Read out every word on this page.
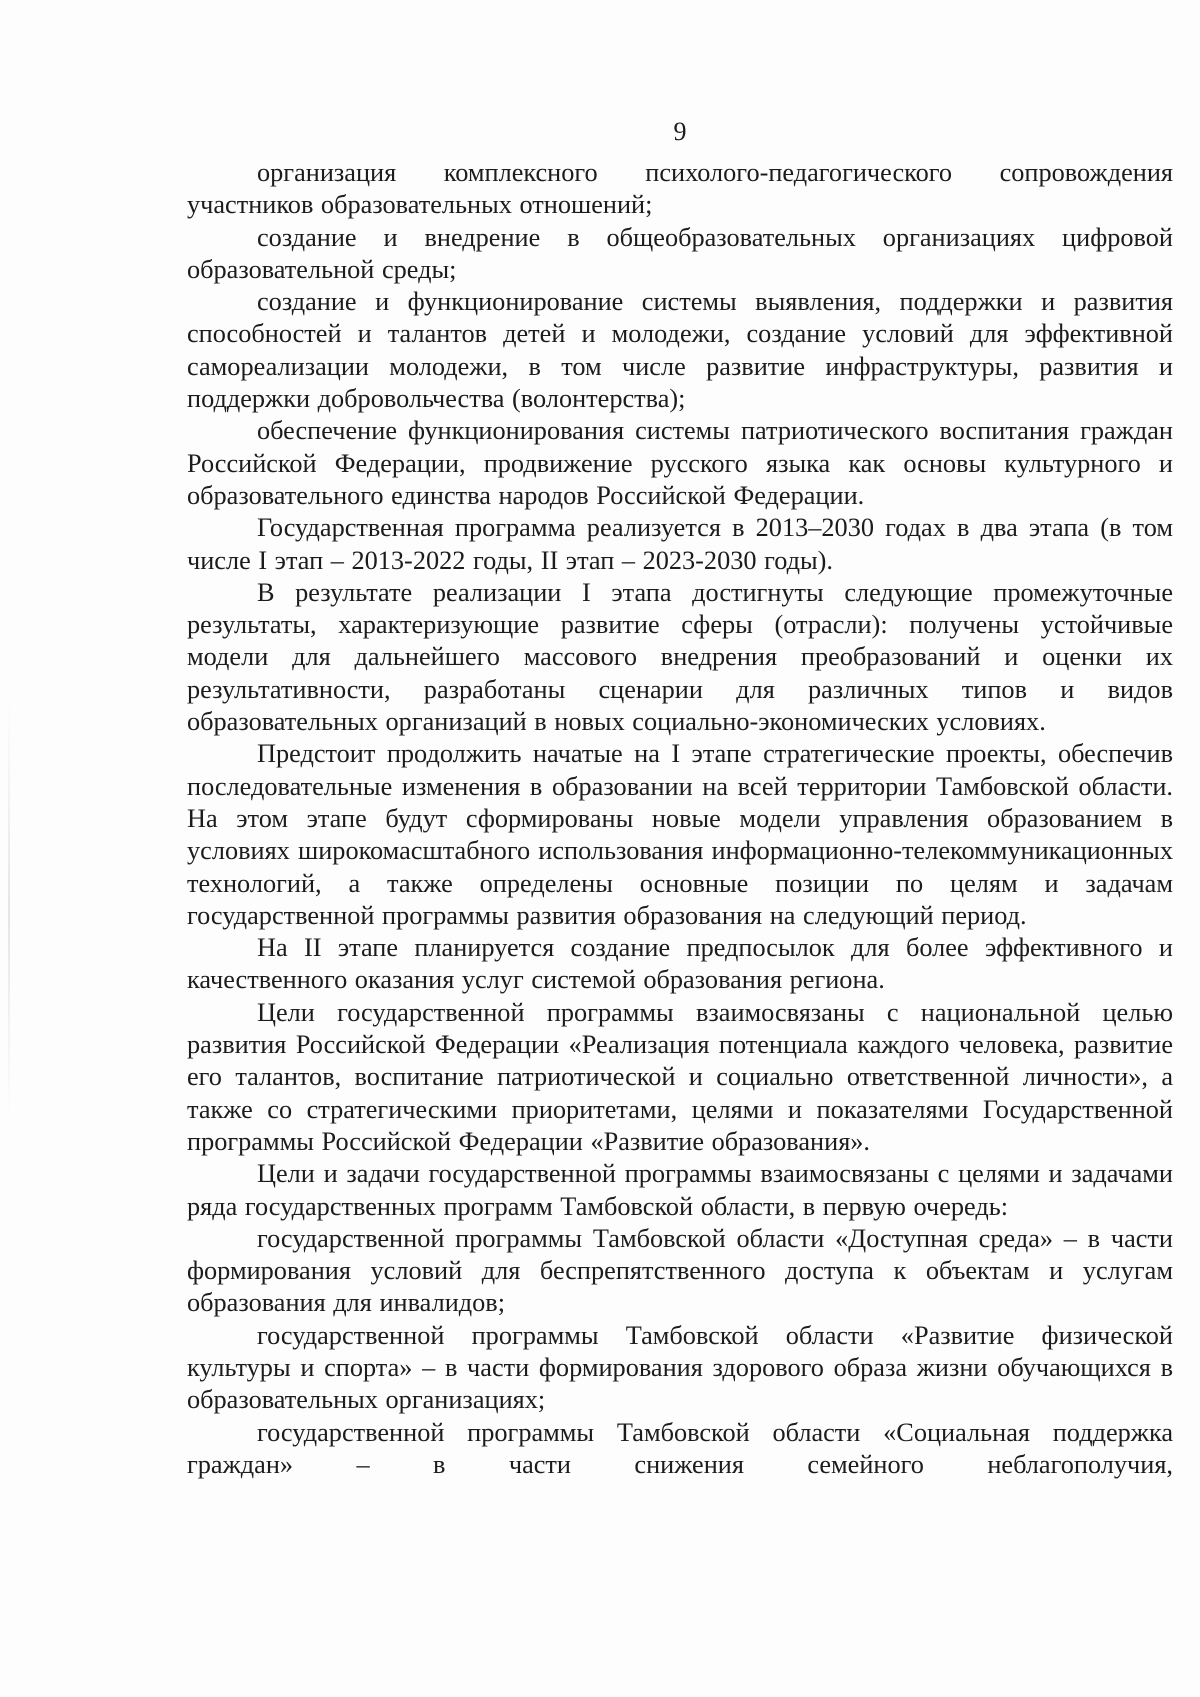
9

организация комплексного психолого-педагогического сопровождения участников образовательных отношений;

создание и внедрение в общеобразовательных организациях цифровой образовательной среды;

создание и функционирование системы выявления, поддержки и развития способностей и талантов детей и молодежи, создание условий для эффективной самореализации молодежи, в том числе развитие инфраструктуры, развития и поддержки добровольчества (волонтерства);

обеспечение функционирования системы патриотического воспитания граждан Российской Федерации, продвижение русского языка как основы культурного и образовательного единства народов Российской Федерации.

Государственная программа реализуется в 2013–2030 годах в два этапа (в том числе I этап – 2013-2022 годы, II этап – 2023-2030 годы).

В результате реализации I этапа достигнуты следующие промежуточные результаты, характеризующие развитие сферы (отрасли): получены устойчивые модели для дальнейшего массового внедрения преобразований и оценки их результативности, разработаны сценарии для различных типов и видов образовательных организаций в новых социально-экономических условиях.

Предстоит продолжить начатые на I этапе стратегические проекты, обеспечив последовательные изменения в образовании на всей территории Тамбовской области. На этом этапе будут сформированы новые модели управления образованием в условиях широкомасштабного использования информационно-телекоммуникационных технологий, а также определены основные позиции по целям и задачам государственной программы развития образования на следующий период.

На II этапе планируется создание предпосылок для более эффективного и качественного оказания услуг системой образования региона.

Цели государственной программы взаимосвязаны с национальной целью развития Российской Федерации «Реализация потенциала каждого человека, развитие его талантов, воспитание патриотической и социально ответственной личности», а также со стратегическими приоритетами, целями и показателями Государственной программы Российской Федерации «Развитие образования».

Цели и задачи государственной программы взаимосвязаны с целями и задачами ряда государственных программ Тамбовской области, в первую очередь:

государственной программы Тамбовской области «Доступная среда» – в части формирования условий для беспрепятственного доступа к объектам и услугам образования для инвалидов;

государственной программы Тамбовской области «Развитие физической культуры и спорта» – в части формирования здорового образа жизни обучающихся в образовательных организациях;

государственной программы Тамбовской области «Социальная поддержка граждан» – в части снижения семейного неблагополучия,
